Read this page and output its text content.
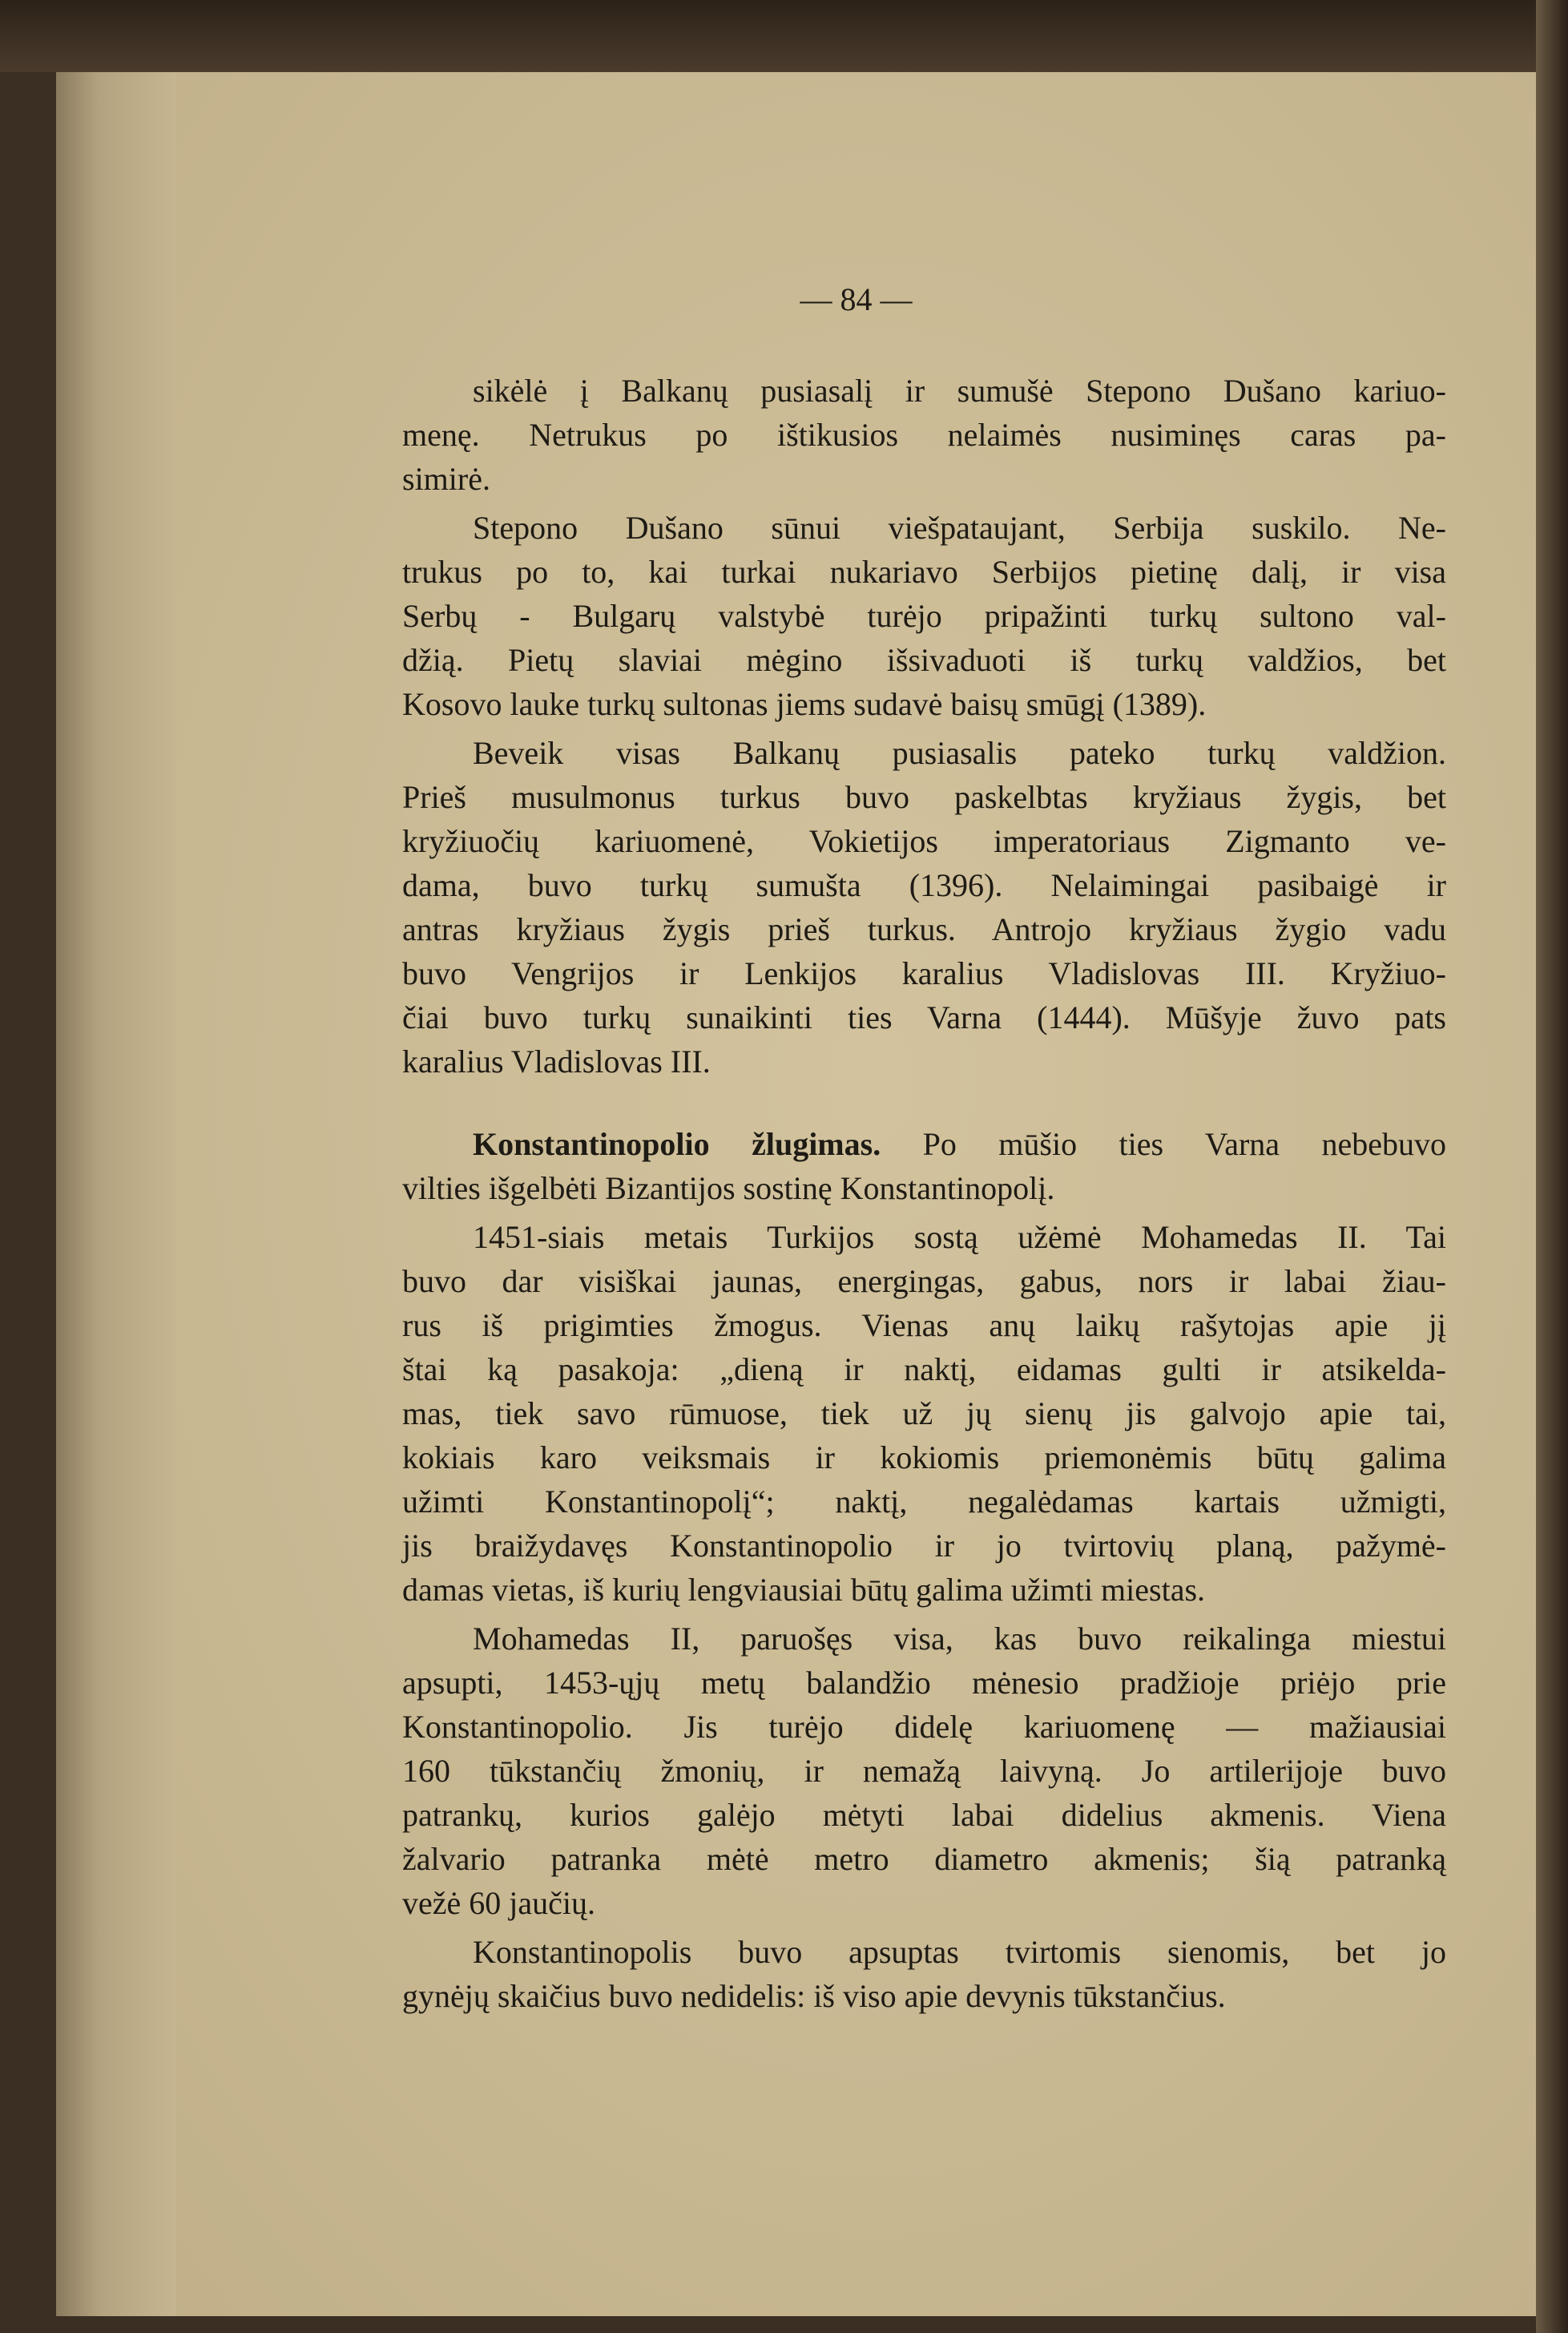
— 84 —
sikėlė į Balkanų pusiasalį ir sumušė Stepono Dušano kariuo-
menę. Netrukus po ištikusios nelaimės nusiminęs caras pa-
simirė.
Stepono Dušano sūnui viešpataujant, Serbija suskilo. Ne-
trukus po to, kai turkai nukariavo Serbijos pietinę dalį, ir visa
Serbų - Bulgarų valstybė turėjo pripažinti turkų sultono val-
džią. Pietų slaviai mėgino išsivaduoti iš turkų valdžios, bet
Kosovo lauke turkų sultonas jiems sudavė baisų smūgį (1389).
Beveik visas Balkanų pusiasalis pateko turkų valdžion.
Prieš musulmonus turkus buvo paskelbtas kryžiaus žygis, bet
kryžiuočių kariuomenė, Vokietijos imperatoriaus Zigmanto ve-
dama, buvo turkų sumušta (1396). Nelaimingai pasibaigė ir
antras kryžiaus žygis prieš turkus. Antrojo kryžiaus žygio vadu
buvo Vengrijos ir Lenkijos karalius Vladislovas III. Kryžiuo-
čiai buvo turkų sunaikinti ties Varna (1444). Mūšyje žuvo pats
karalius Vladislovas III.
Konstantinopolio žlugimas. Po mūšio ties Varna nebebuvo
vilties išgelbėti Bizantijos sostinę Konstantinopolį.
1451-siais metais Turkijos sostą užėmė Mohamedas II. Tai
buvo dar visiškai jaunas, energingas, gabus, nors ir labai žiau-
rus iš prigimties žmogus. Vienas anų laikų rašytojas apie jį
štai ką pasakoja: „dieną ir naktį, eidamas gulti ir atsikelda-
mas, tiek savo rūmuose, tiek už jų sienų jis galvojo apie tai,
kokiais karo veiksmais ir kokiomis priemonėmis būtų galima
užimti Konstantinopolį“; naktį, negalėdamas kartais užmigti,
jis braižydavęs Konstantinopolio ir jo tvirtovių planą, pažymė-
damas vietas, iš kurių lengviausiai būtų galima užimti miestas.
Mohamedas II, paruošęs visa, kas buvo reikalinga miestui
apsupti, 1453-ųjų metų balandžio mėnesio pradžioje priėjo prie
Konstantinopolio. Jis turėjo didelę kariuomenę — mažiausiai
160 tūkstančių žmonių, ir nemažą laivyną. Jo artilerijoje buvo
patrankų, kurios galėjo mėtyti labai didelius akmenis. Viena
žalvario patranka mėtė metro diametro akmenis; šią patranką
vežė 60 jaučių.
Konstantinopolis buvo apsuptas tvirtomis sienomis, bet jo
gynėjų skaičius buvo nedidelis: iš viso apie devynis tūkstančius.
